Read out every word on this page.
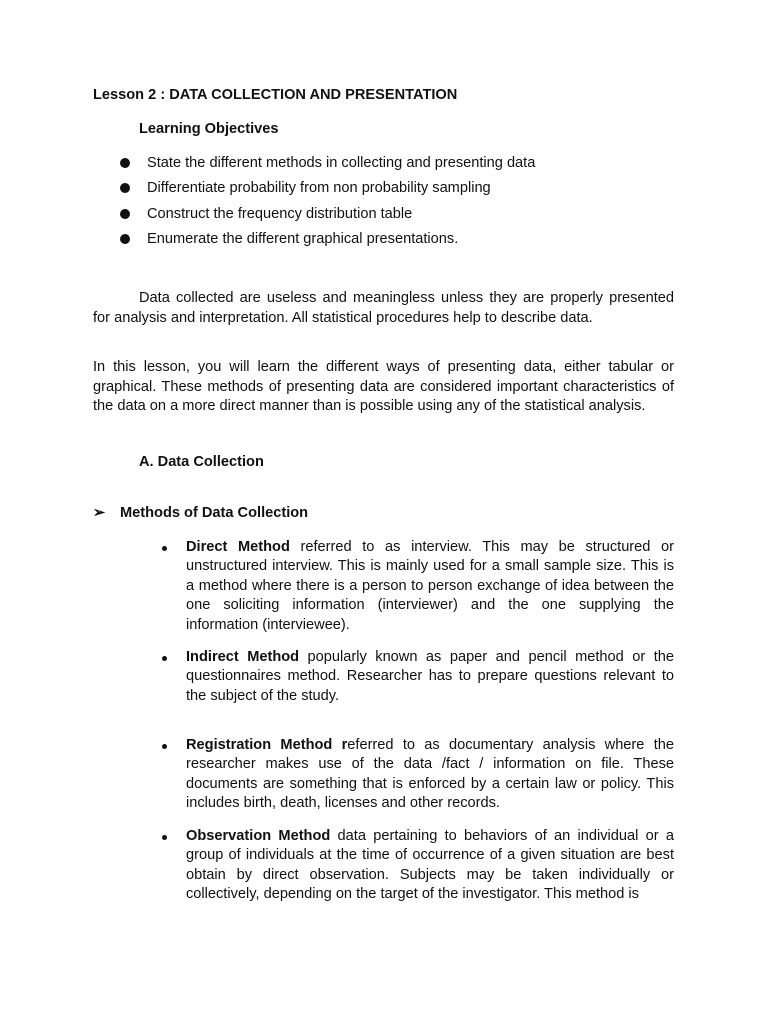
Lesson 2 : DATA COLLECTION AND PRESENTATION
Learning Objectives
State the different methods in collecting and presenting data
Differentiate probability from non probability sampling
Construct the frequency distribution table
Enumerate the different graphical presentations.

Data collected are useless and meaningless unless they are properly presented for analysis and interpretation. All statistical procedures help to describe data.

In this lesson, you will learn the different ways of presenting data, either tabular or graphical. These methods of presenting data are considered important characteristics of the data on a more direct manner than is possible using any of the statistical analysis.

A. Data Collection
➢ Methods of Data Collection

Direct Method referred to as interview. This may be structured or unstructured interview. This is mainly used for a small sample size. This is a method where there is a person to person exchange of idea between the one soliciting information (interviewer) and the one supplying the information (interviewee).

Indirect Method popularly known as paper and pencil method or the questionnaires method. Researcher has to prepare questions relevant to the subject of the study.

Registration Method referred to as documentary analysis where the researcher makes use of the data /fact / information on file. These documents are something that is enforced by a certain law or policy. This includes birth, death, licenses and other records.

Observation Method data pertaining to behaviors of an individual or a group of individuals at the time of occurrence of a given situation are best obtain by direct observation. Subjects may be taken individually or collectively, depending on the target of the investigator. This method is
